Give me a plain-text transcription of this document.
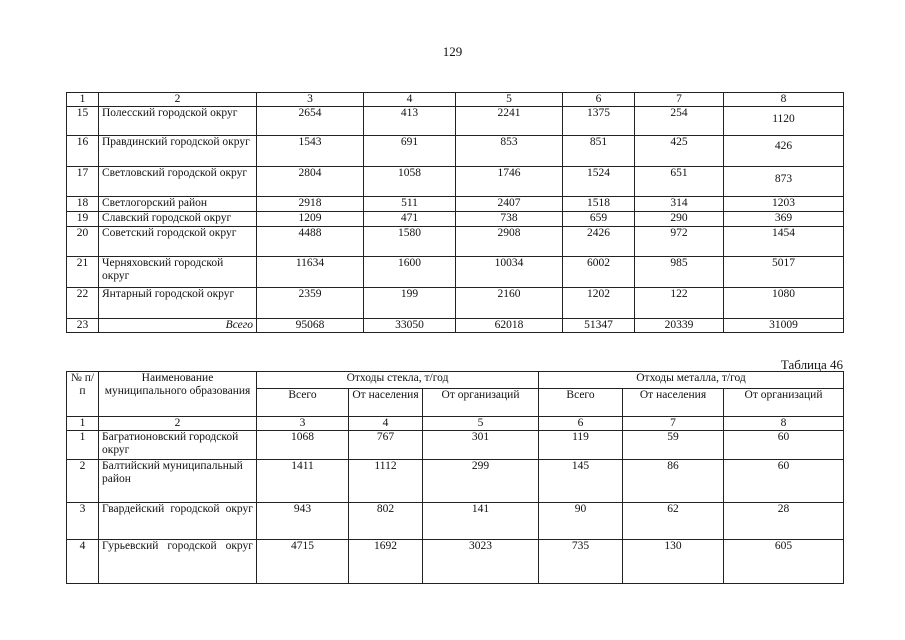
129
1	2	3	4	5	6	7	8
15	Полесский городской округ	2654	413	2241	1375	254	1120
16	Правдинский городской округ	1543	691	853	851	425	426
17	Светловский городской округ	2804	1058	1746	1524	651	873
18	Светлогорский район	2918	511	2407	1518	314	1203
19	Славский городской округ	1209	471	738	659	290	369
20	Советский городской округ	4488	1580	2908	2426	972	1454
21	Черняховский городской округ	11634	1600	10034	6002	985	5017
22	Янтарный городской округ	2359	199	2160	1202	122	1080
23	Всего	95068	33050	62018	51347	20339	31009
Таблица 46
№ п/п	Наименование муниципального образования	Отходы стекла, т/год			Отходы металла, т/год		
		Всего	От населения	От организаций	Всего	От населения	От организаций
1	2	3	4	5	6	7	8
1	Багратионовский городской округ	1068	767	301	119	59	60
2	Балтийский муниципальный район	1411	1112	299	145	86	60
3	Гвардейский городской округ	943	802	141	90	62	28
4	Гурьевский городской округ	4715	1692	3023	735	130	605
